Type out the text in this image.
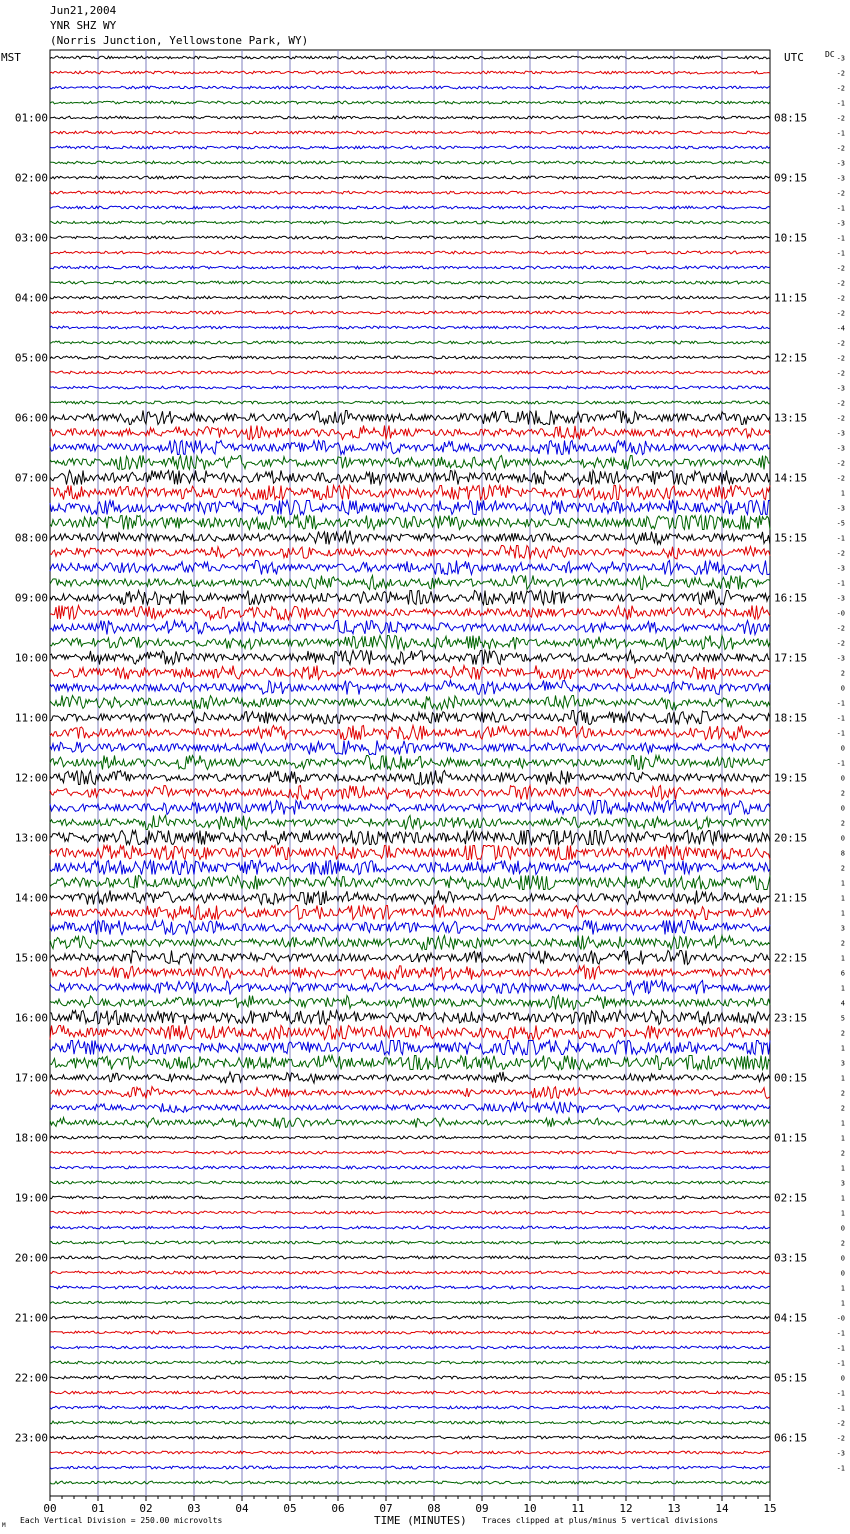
Jun21,2004
YNR SHZ WY
(Norris Junction, Yellowstone Park, WY)
MST	UTC	DC
01:00
02:00
03:00
04:00
05:00
06:00
07:00
08:00
09:00
10:00
11:00
12:00
13:00
14:00
15:00
16:00
17:00
18:00
19:00
20:00
21:00
22:00
23:00
08:15
09:15
10:15
11:15
12:15
13:15
14:15
15:15
16:15
17:15
18:15
19:15
20:15
21:15
22:15
23:15
00:15
01:15
02:15
03:15
04:15
05:15
06:15
-3
-2
-2
-1
-2
-1
-2
-3
-3
-2
-1
-3
-1
-1
-2
-2
-2
-2
-4
-2
-2
-2
-3
-2
-2
-3
-3
-2
-2
1
-3
-5
-1
-2
-3
-1
-3
-0
-2
-2
-3
2
0
-1
-1
-1
0
-1
0
2
0
2
0
8
2
1
1
1
3
2
1
6
1
4
5
2
1
3
1
2
2
1
1
2
1
3
1
1
0
2
0
0
1
1
-0
-1
-1
-1
0
-1
-1
-2
-2
-3
-1
00	01	02	03	04	05	06	07	08	09	10	11	12	13	14	15
TIME (MINUTES)
Each Vertical Division = 250.00 microvolts	Traces clipped at plus/minus 5 vertical divisions
M
